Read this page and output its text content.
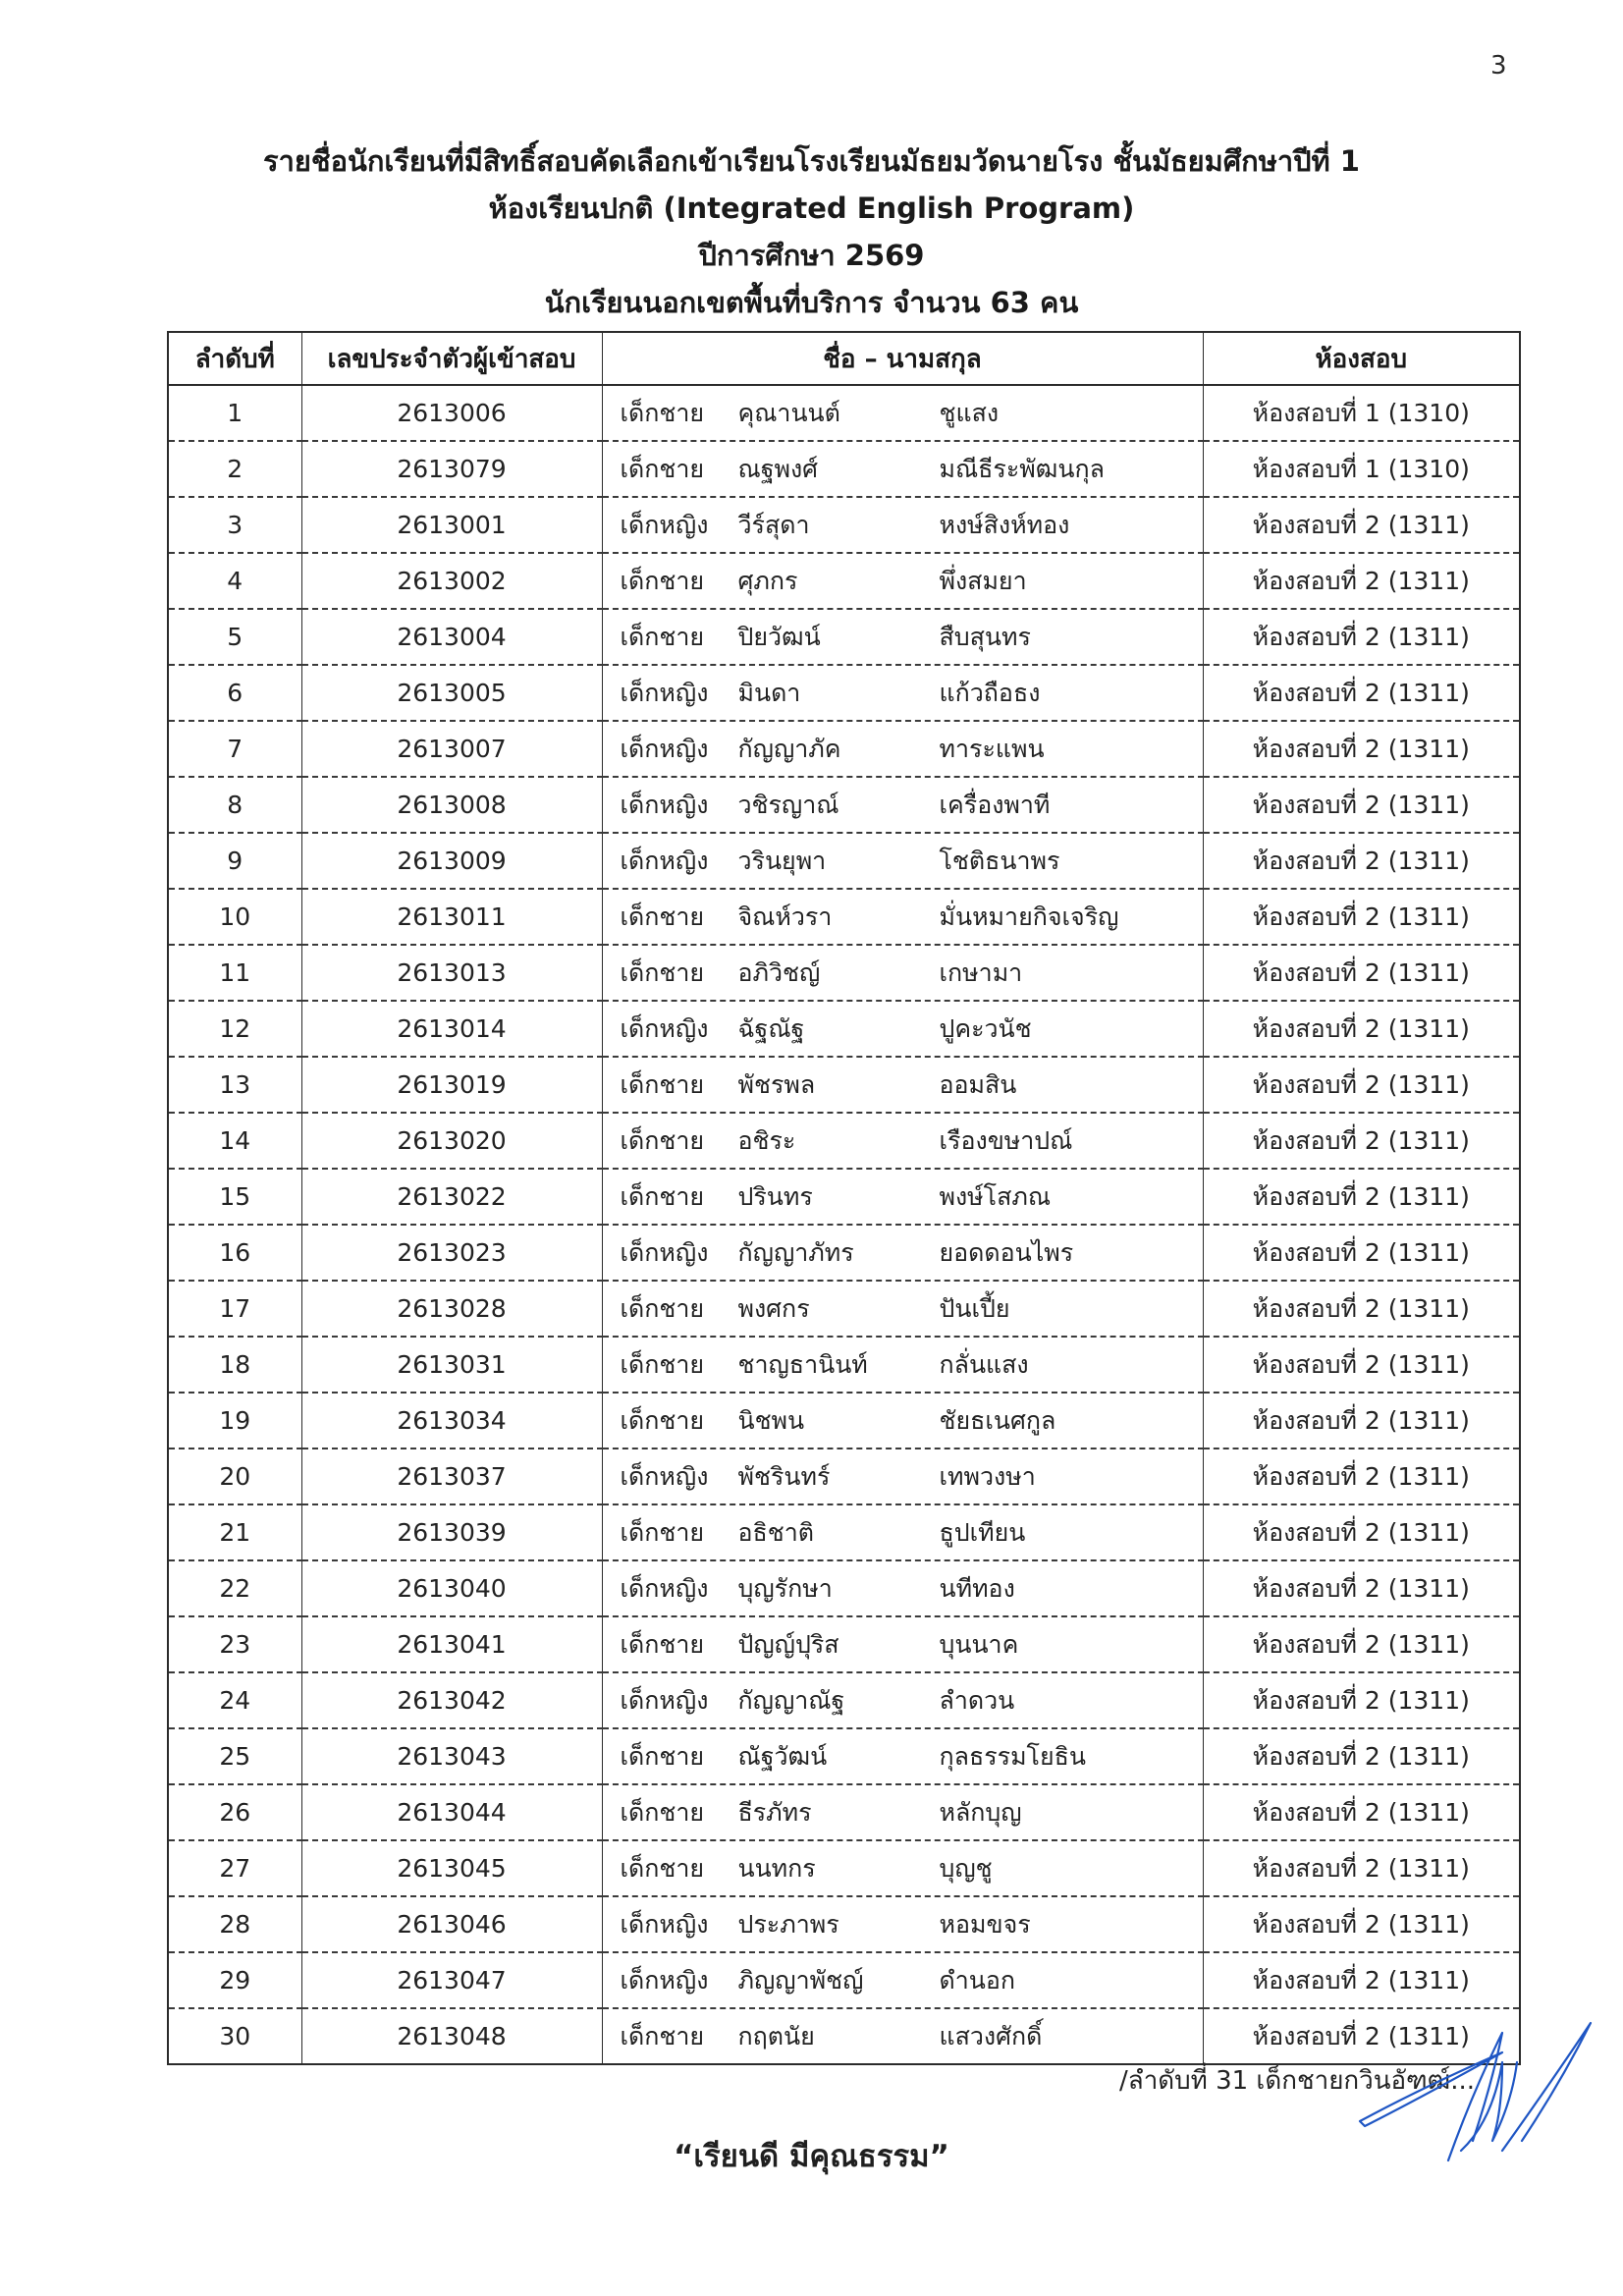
3
รายชื่อนักเรียนที่มีสิทธิ์สอบคัดเลือกเข้าเรียนโรงเรียนมัธยมวัดนายโรง ชั้นมัธยมศึกษาปีที่ 1
ห้องเรียนปกติ (Integrated English Program)
ปีการศึกษา 2569
นักเรียนนอกเขตพื้นที่บริการ จำนวน 63 คน
ลำดับที่	เลขประจำตัวผู้เข้าสอบ	ชื่อ – นามสกุล	ห้องสอบ
1	2613006	เด็กชาย คุณานนต์ ชูแสง	ห้องสอบที่ 1 (1310)
2	2613079	เด็กชาย ณฐพงศ์ มณีธีระพัฒนกุล	ห้องสอบที่ 1 (1310)
3	2613001	เด็กหญิง วีร์สุดา หงษ์สิงห์ทอง	ห้องสอบที่ 2 (1311)
4	2613002	เด็กชาย ศุภกร พึ่งสมยา	ห้องสอบที่ 2 (1311)
5	2613004	เด็กชาย ปิยวัฒน์ สืบสุนทร	ห้องสอบที่ 2 (1311)
6	2613005	เด็กหญิง มินดา แก้วถือธง	ห้องสอบที่ 2 (1311)
7	2613007	เด็กหญิง กัญญาภัค ทาระแพน	ห้องสอบที่ 2 (1311)
8	2613008	เด็กหญิง วชิรญาณ์ เครื่องพาที	ห้องสอบที่ 2 (1311)
9	2613009	เด็กหญิง วรินยุพา โชติธนาพร	ห้องสอบที่ 2 (1311)
10	2613011	เด็กชาย จิณห์วรา มั่นหมายกิจเจริญ	ห้องสอบที่ 2 (1311)
11	2613013	เด็กชาย อภิวิชญ์ เกษามา	ห้องสอบที่ 2 (1311)
12	2613014	เด็กหญิง ฉัฐณัฐ ปูคะวนัช	ห้องสอบที่ 2 (1311)
13	2613019	เด็กชาย พัชรพล ออมสิน	ห้องสอบที่ 2 (1311)
14	2613020	เด็กชาย อชิระ เรืองขษาปณ์	ห้องสอบที่ 2 (1311)
15	2613022	เด็กชาย ปรินทร พงษ์โสภณ	ห้องสอบที่ 2 (1311)
16	2613023	เด็กหญิง กัญญาภัทร ยอดดอนไพร	ห้องสอบที่ 2 (1311)
17	2613028	เด็กชาย พงศกร ปันเปี้ย	ห้องสอบที่ 2 (1311)
18	2613031	เด็กชาย ชาญธานินท์ กลั่นแสง	ห้องสอบที่ 2 (1311)
19	2613034	เด็กชาย นิชพน ชัยธเนศกูล	ห้องสอบที่ 2 (1311)
20	2613037	เด็กหญิง พัชรินทร์ เทพวงษา	ห้องสอบที่ 2 (1311)
21	2613039	เด็กชาย อธิชาติ ธูปเทียน	ห้องสอบที่ 2 (1311)
22	2613040	เด็กหญิง บุญรักษา นทีทอง	ห้องสอบที่ 2 (1311)
23	2613041	เด็กชาย ปัญญ์ปุริส บุนนาค	ห้องสอบที่ 2 (1311)
24	2613042	เด็กหญิง กัญญาณัฐ ลำดวน	ห้องสอบที่ 2 (1311)
25	2613043	เด็กชาย ณัฐวัฒน์ กุลธรรมโยธิน	ห้องสอบที่ 2 (1311)
26	2613044	เด็กชาย ธีรภัทร หลักบุญ	ห้องสอบที่ 2 (1311)
27	2613045	เด็กชาย นนทกร บุญชู	ห้องสอบที่ 2 (1311)
28	2613046	เด็กหญิง ประภาพร หอมขจร	ห้องสอบที่ 2 (1311)
29	2613047	เด็กหญิง ภิญญาพัชญ์ ดำนอก	ห้องสอบที่ 2 (1311)
30	2613048	เด็กชาย กฤตนัย แสวงศักดิ์	ห้องสอบที่ 2 (1311)
/ลำดับที่ 31 เด็กชายกวินอัฑฒ์...
“เรียนดี มีคุณธรรม”
